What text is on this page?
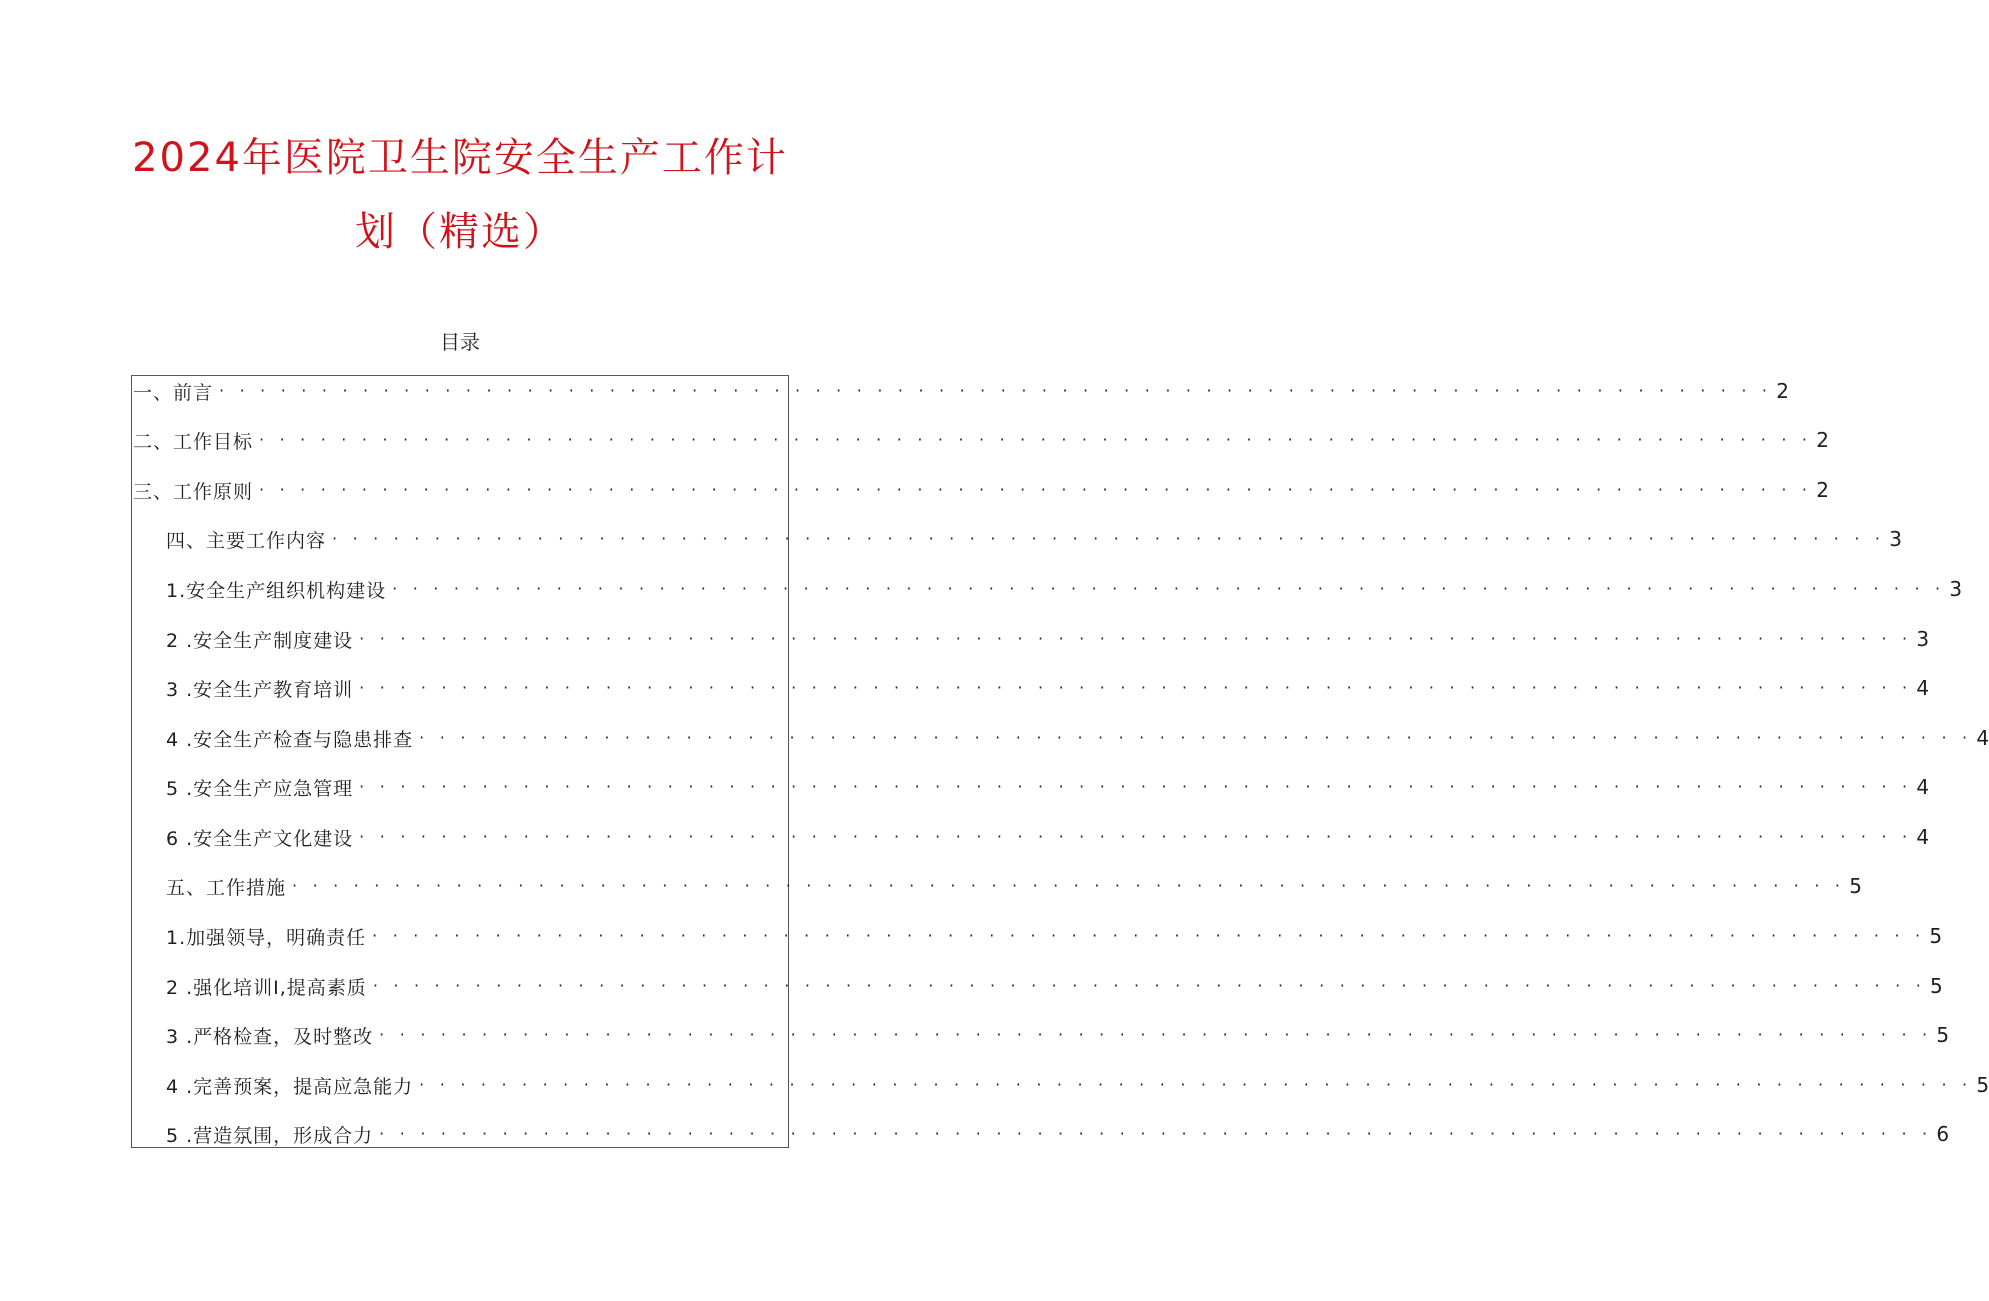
2024年医院卫生院安全生产工作计
划（精选）
目录
一、前言 · · · · · · · · · · · · · · · · · · · · · · · · · · · · · · · · · · · · · · · · · · · · · · · · · · · · · · · · · · · · · · · · · · · · · · · · · · · · 2
二、工作目标 · · · · · · · · · · · · · · · · · · · · · · · · · · · · · · · · · · · · · · · · · · · · · · · · · · · · · · · · · · · · · · · · · · · · · · · · · · · · 2
三、工作原则 · · · · · · · · · · · · · · · · · · · · · · · · · · · · · · · · · · · · · · · · · · · · · · · · · · · · · · · · · · · · · · · · · · · · · · · · · · · · 2
四、主要工作内容 · · · · · · · · · · · · · · · · · · · · · · · · · · · · · · · · · · · · · · · · · · · · · · · · · · · · · · · · · · · · · · · · · · · · · · · · · · · · 3
1.安全生产组织机构建设 · · · · · · · · · · · · · · · · · · · · · · · · · · · · · · · · · · · · · · · · · · · · · · · · · · · · · · · · · · · · · · · · · · · · · · · · · · · · 3
2 .安全生产制度建设 · · · · · · · · · · · · · · · · · · · · · · · · · · · · · · · · · · · · · · · · · · · · · · · · · · · · · · · · · · · · · · · · · · · · · · · · · · · · 3
3 .安全生产教育培训 · · · · · · · · · · · · · · · · · · · · · · · · · · · · · · · · · · · · · · · · · · · · · · · · · · · · · · · · · · · · · · · · · · · · · · · · · · · · 4
4 .安全生产检查与隐患排查 · · · · · · · · · · · · · · · · · · · · · · · · · · · · · · · · · · · · · · · · · · · · · · · · · · · · · · · · · · · · · · · · · · · · · · · · · · · · 4
5 .安全生产应急管理 · · · · · · · · · · · · · · · · · · · · · · · · · · · · · · · · · · · · · · · · · · · · · · · · · · · · · · · · · · · · · · · · · · · · · · · · · · · · 4
6 .安全生产文化建设 · · · · · · · · · · · · · · · · · · · · · · · · · · · · · · · · · · · · · · · · · · · · · · · · · · · · · · · · · · · · · · · · · · · · · · · · · · · · 4
五、工作措施 · · · · · · · · · · · · · · · · · · · · · · · · · · · · · · · · · · · · · · · · · · · · · · · · · · · · · · · · · · · · · · · · · · · · · · · · · · · · 5
1.加强领导，明确责任 · · · · · · · · · · · · · · · · · · · · · · · · · · · · · · · · · · · · · · · · · · · · · · · · · · · · · · · · · · · · · · · · · · · · · · · · · · · · 5
2 .强化培训I,提高素质 · · · · · · · · · · · · · · · · · · · · · · · · · · · · · · · · · · · · · · · · · · · · · · · · · · · · · · · · · · · · · · · · · · · · · · · · · · · · 5
3 .严格检查，及时整改 · · · · · · · · · · · · · · · · · · · · · · · · · · · · · · · · · · · · · · · · · · · · · · · · · · · · · · · · · · · · · · · · · · · · · · · · · · · · 5
4 .完善预案，提高应急能力 · · · · · · · · · · · · · · · · · · · · · · · · · · · · · · · · · · · · · · · · · · · · · · · · · · · · · · · · · · · · · · · · · · · · · · · · · · · · 5
5 .营造氛围，形成合力 · · · · · · · · · · · · · · · · · · · · · · · · · · · · · · · · · · · · · · · · · · · · · · · · · · · · · · · · · · · · · · · · · · · · · · · · · · · · 6
